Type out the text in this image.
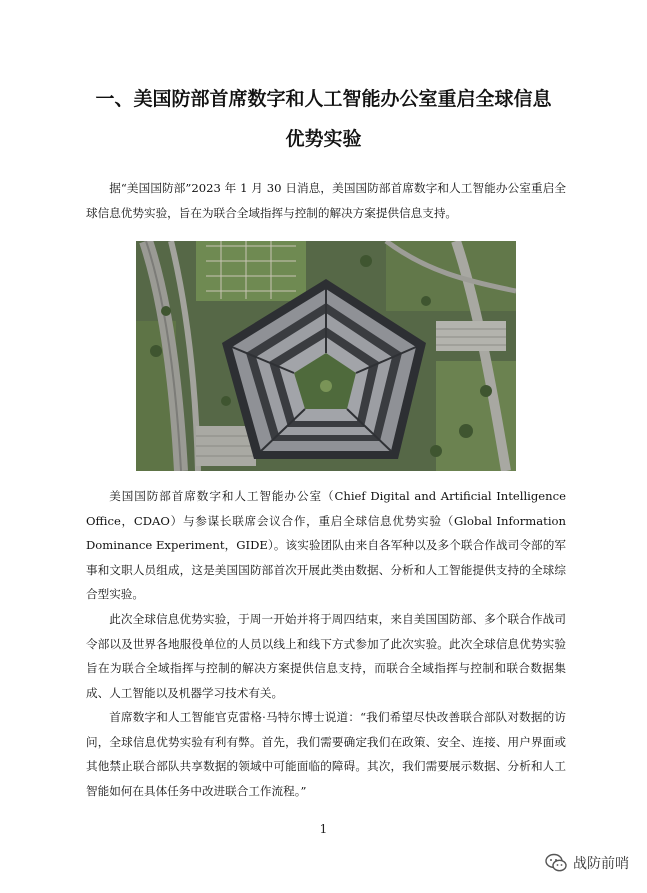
一、美国防部首席数字和人工智能办公室重启全球信息
优势实验

据“美国国防部”2023 年 1 月 30 日消息，美国国防部首席数字和人工智能办公室重启全球信息优势实验，旨在为联合全域指挥与控制的解决方案提供信息支持。

美国国防部首席数字和人工智能办公室（Chief Digital and Artificial Intelligence Office，CDAO）与参谋长联席会议合作，重启全球信息优势实验（Global Information Dominance Experiment，GIDE）。该实验团队由来自各军种以及多个联合作战司令部的军事和文职人员组成，这是美国国防部首次开展此类由数据、分析和人工智能提供支持的全球综合型实验。

此次全球信息优势实验，于周一开始并将于周四结束，来自美国国防部、多个联合作战司令部以及世界各地服役单位的人员以线上和线下方式参加了此次实验。此次全球信息优势实验旨在为联合全域指挥与控制的解决方案提供信息支持，而联合全域指挥与控制和联合数据集成、人工智能以及机器学习技术有关。

首席数字和人工智能官克雷格·马特尔博士说道：“我们希望尽快改善联合部队对数据的访问，全球信息优势实验有利有弊。首先，我们需要确定我们在政策、安全、连接、用户界面或其他禁止联合部队共享数据的领域中可能面临的障碍。其次，我们需要展示数据、分析和人工智能如何在具体任务中改进联合工作流程。”

1
战防前哨
